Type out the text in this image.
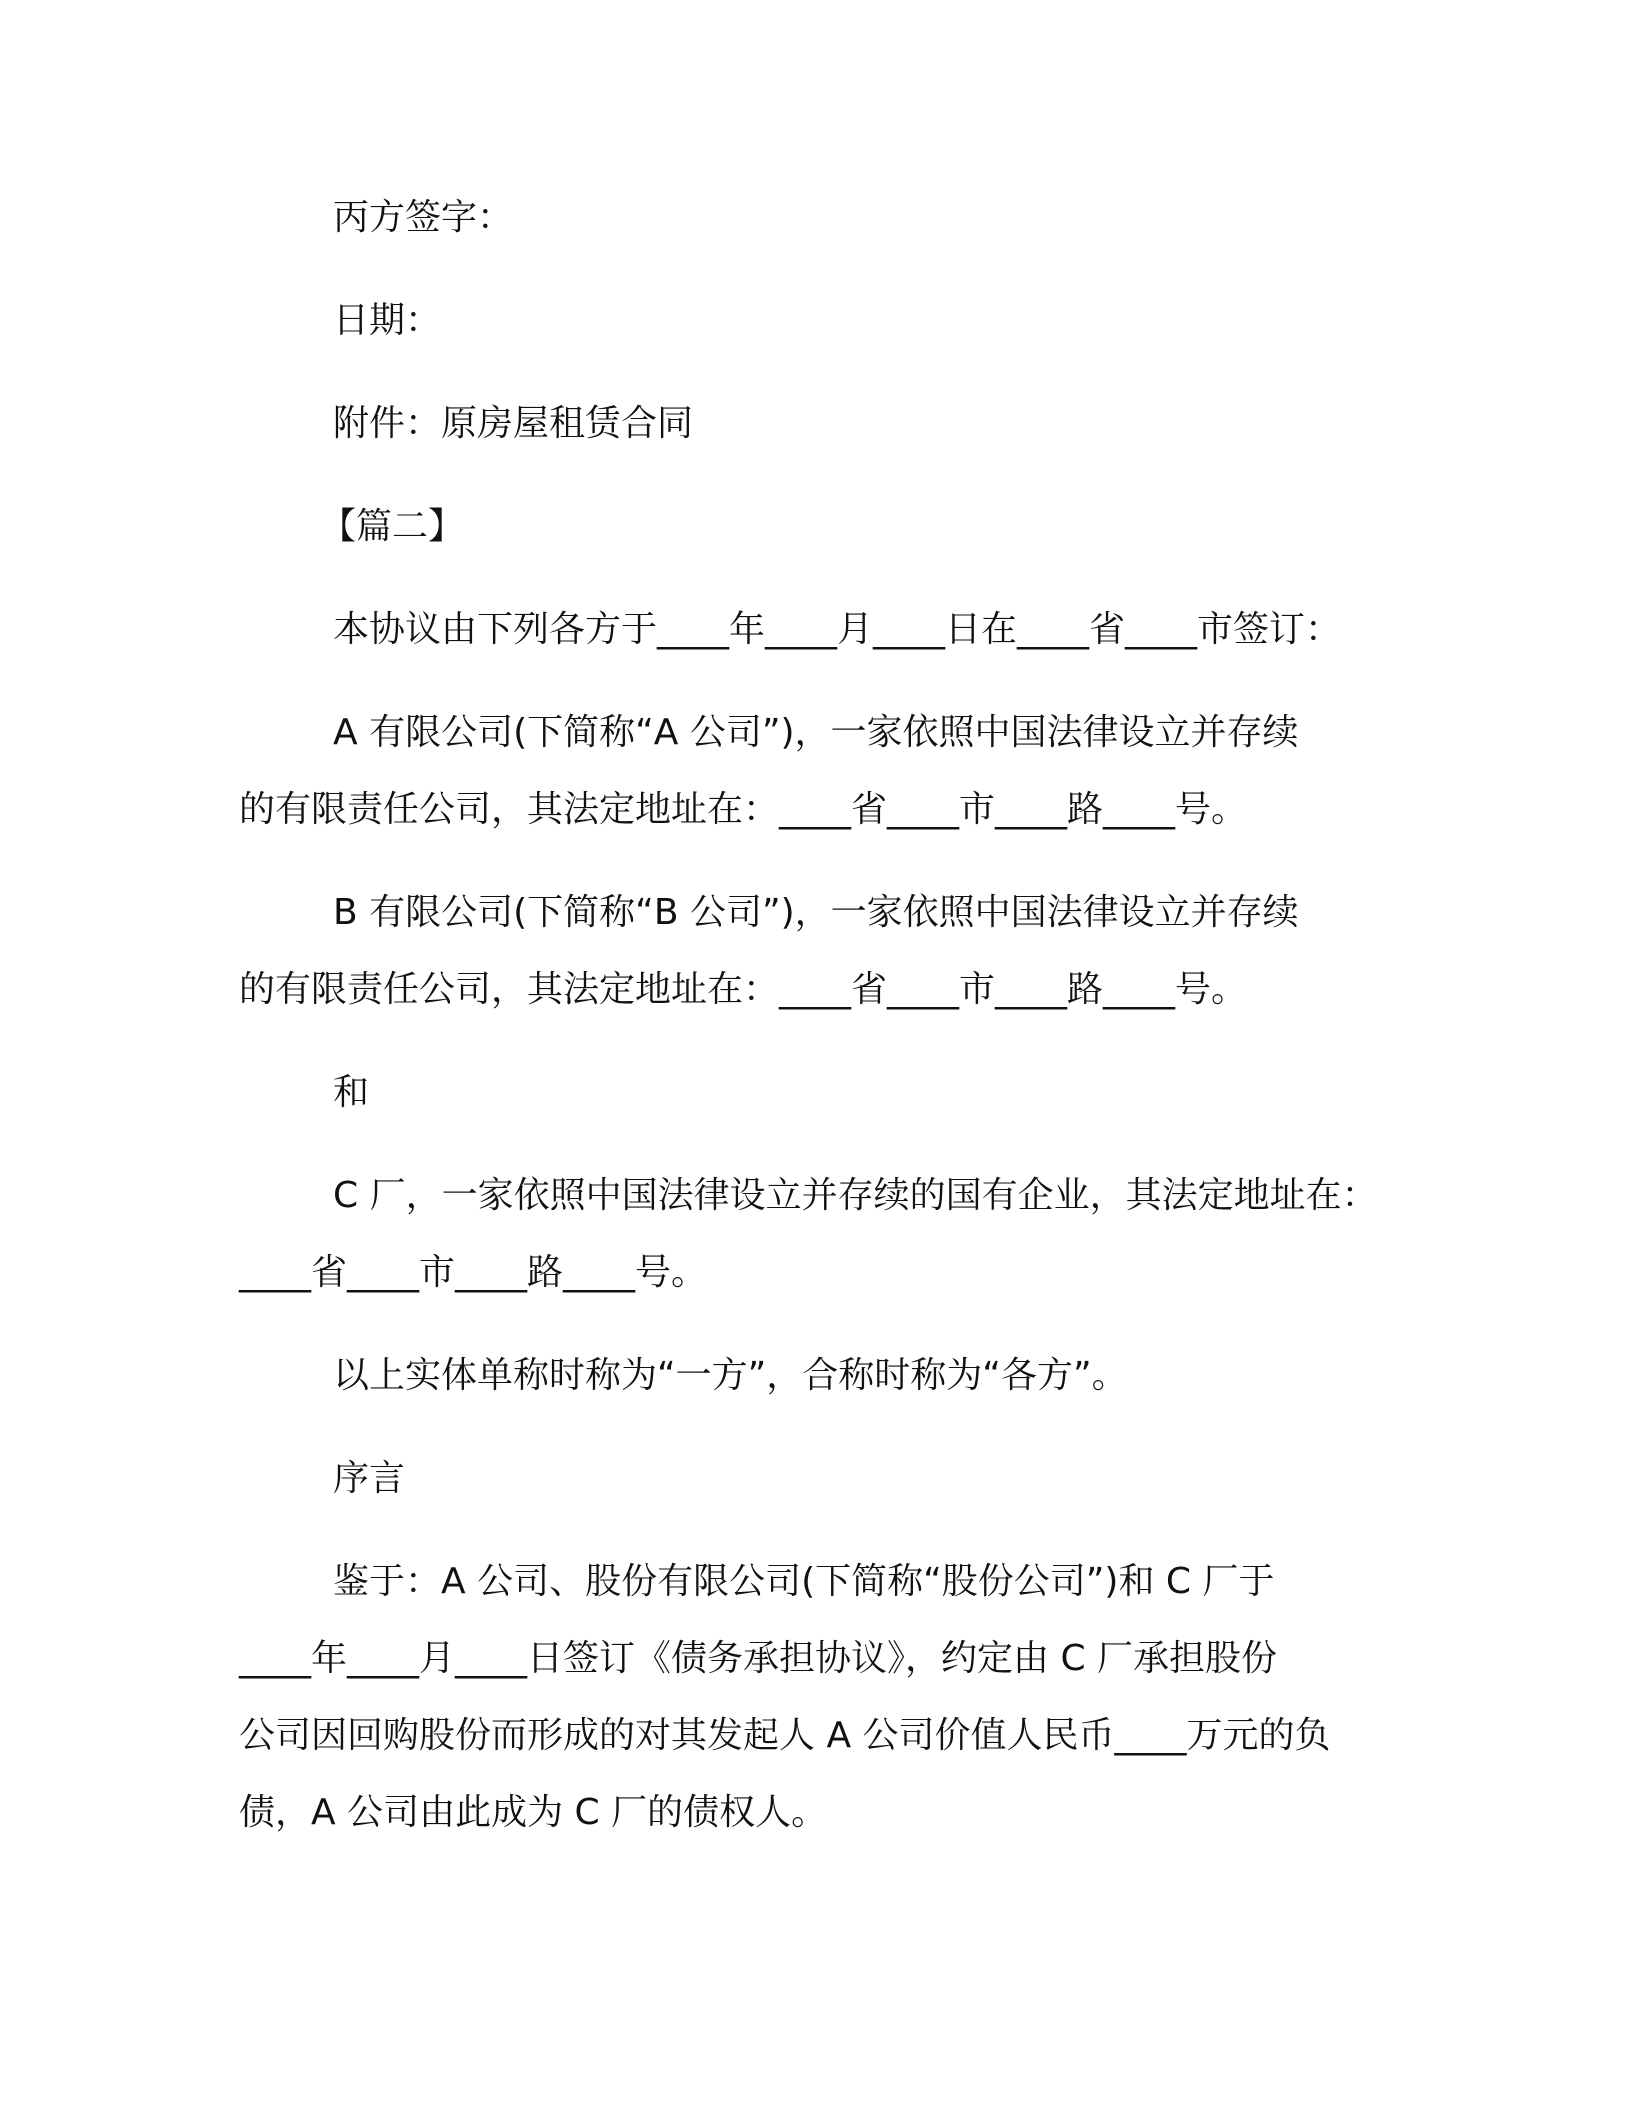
丙方签字：
日期：
附件：原房屋租赁合同
【篇二】
本协议由下列各方于____年____月____日在____省____市签订：
A 有限公司(下简称“A 公司”)，一家依照中国法律设立并存续
的有限责任公司，其法定地址在：____省____市____路____号。
B 有限公司(下简称“B 公司”)，一家依照中国法律设立并存续
的有限责任公司，其法定地址在：____省____市____路____号。
和
C 厂，一家依照中国法律设立并存续的国有企业，其法定地址在：
____省____市____路____号。
以上实体单称时称为“一方”，合称时称为“各方”。
序言
鉴于：A 公司、股份有限公司(下简称“股份公司”)和 C 厂于
____年____月____日签订《债务承担协议》，约定由 C 厂承担股份
公司因回购股份而形成的对其发起人 A 公司价值人民币____万元的负
债，A 公司由此成为 C 厂的债权人。
